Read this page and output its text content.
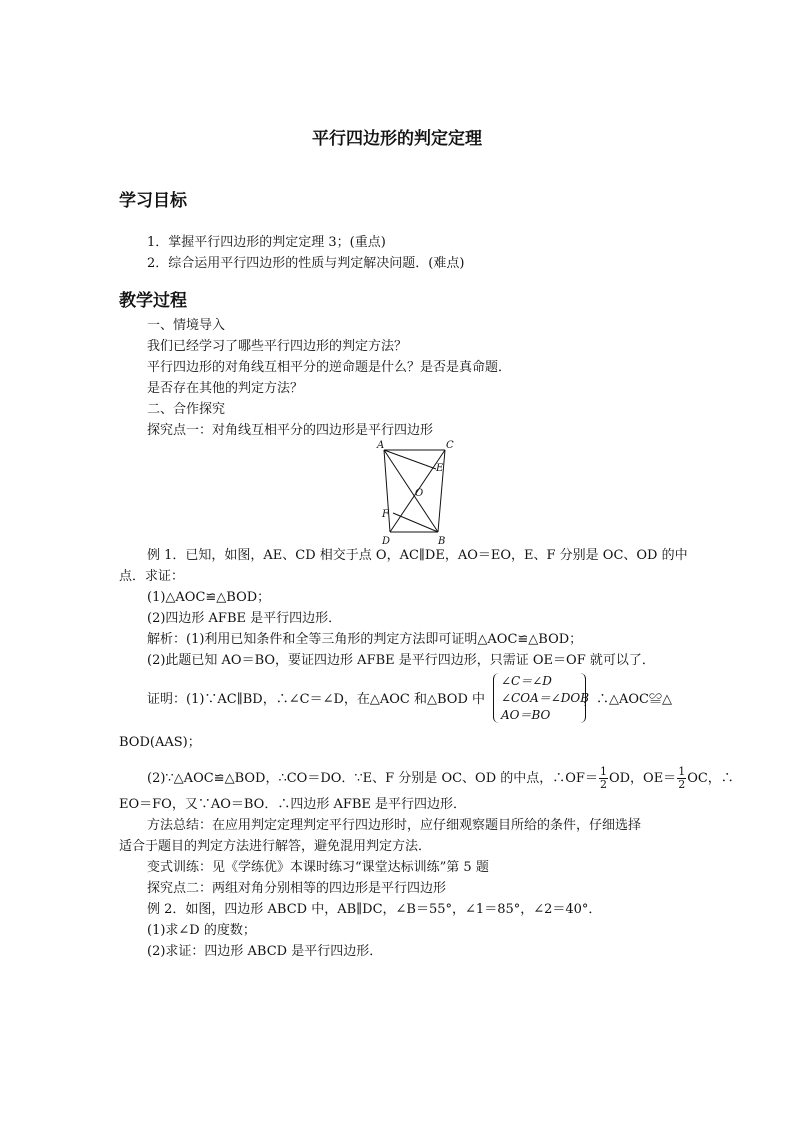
平行四边形的判定定理
学习目标
1．掌握平行四边形的判定定理 3；(重点)
2．综合运用平行四边形的性质与判定解决问题．(难点)
教学过程
一、情境导入
我们已经学习了哪些平行四边形的判定方法？
平行四边形的对角线互相平分的逆命题是什么？是否是真命题．
是否存在其他的判定方法？
二、合作探究
探究点一：对角线互相平分的四边形是平行四边形
A	C
E
O
F
D	B
例 1．已知，如图，AE、CD 相交于点 O，AC∥DE，AO＝EO，E、F 分别是 OC、OD 的中
点．求证：
(1)△AOC≌△BOD；
(2)四边形 AFBE 是平行四边形．
解析：(1)利用已知条件和全等三角形的判定方法即可证明△AOC≌△BOD；
(2)此题已知 AO＝BO，要证四边形 AFBE 是平行四边形，只需证 OE＝OF 就可以了．
证明：(1)∵AC∥BD，∴∠C＝∠D，在△AOC 和△BOD 中
∠C＝∠D
∠COA＝∠DOB
AO＝BO
，∴△AOC≌△
BOD(AAS)；
(2)∵△AOC≌△BOD，∴CO＝DO．∵E、F 分别是 OC、OD 的中点，∴OF＝ $\frac{1}{2}$ OD，$OE= \frac{1}{2}$ OC，∴
EO＝FO，又∵AO＝BO．∴四边形 AFBE 是平行四边形．
方法总结：在应用判定定理判定平行四边形时，应仔细观察题目所给的条件，仔细选择
适合于题目的判定方法进行解答，避免混用判定方法．
变式训练：见《学练优》本课时练习“课堂达标训练”第 5 题
探究点二：两组对角分别相等的四边形是平行四边形
例 2．如图，四边形 ABCD 中，AB∥DC，∠B＝55°，∠1＝85°，∠2＝40°．
(1)求∠D 的度数；
(2)求证：四边形 ABCD 是平行四边形．
